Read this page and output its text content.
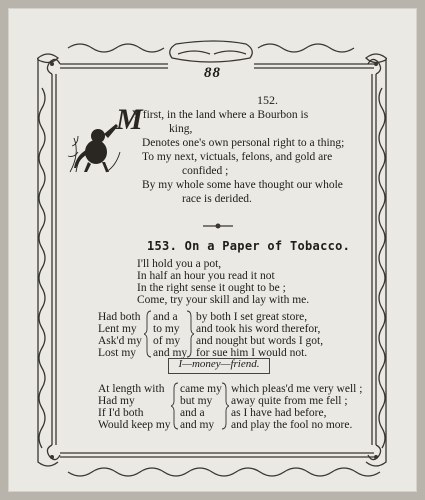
88
152.
M
Y first, in the land where a Bourbon is
king,
Denotes one's own personal right to a thing;
To my next, victuals, felons, and gold are
confided ;
By my whole some have thought our whole
race is derided.
153. On a Paper of Tobacco.
I'll hold you a pot,
In half an hour you read it not
In the right sense it ought to be ;
Come, try your skill and lay with me.
Had both
Lent my
Ask'd my
Lost my
and a
to my
of my
and my
by both I set great store,
and took his word therefor,
and nought but words I got,
for sue him I would not.
I—money—friend.
At length with
Had my
If I'd both
Would keep my
came my
but my
and a
and my
which pleas'd me very well ;
away quite from me fell ;
as I have had before,
and play the fool no more.
